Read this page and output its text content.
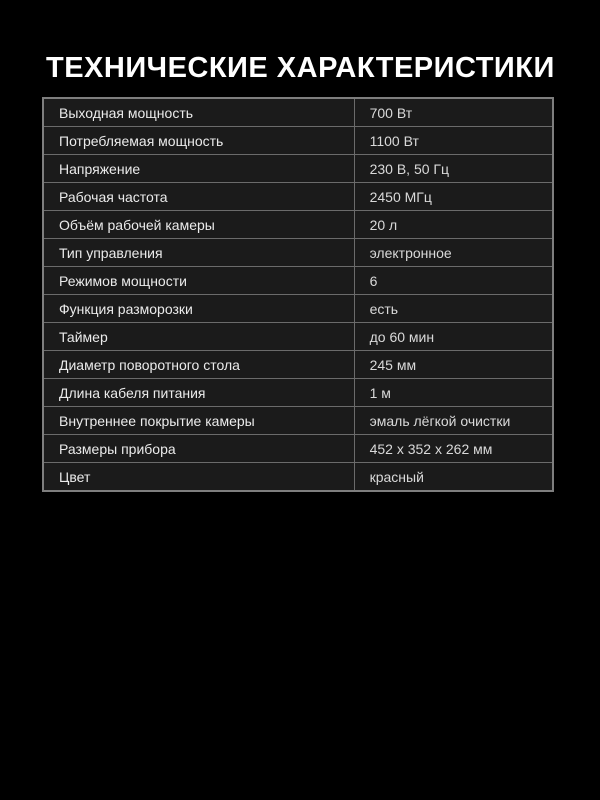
ТЕХНИЧЕСКИЕ ХАРАКТЕРИСТИКИ
Выходная мощность	700 Вт
Потребляемая мощность	1100 Вт
Напряжение	230 В, 50 Гц
Рабочая частота	2450 МГц
Объём рабочей камеры	20 л
Тип управления	электронное
Режимов мощности	6
Функция разморозки	есть
Таймер	до 60 мин
Диаметр поворотного стола	245 мм
Длина кабеля питания	1 м
Внутреннее покрытие камеры	эмаль лёгкой очистки
Размеры прибора	452 x 352 x 262 мм
Цвет	красный
